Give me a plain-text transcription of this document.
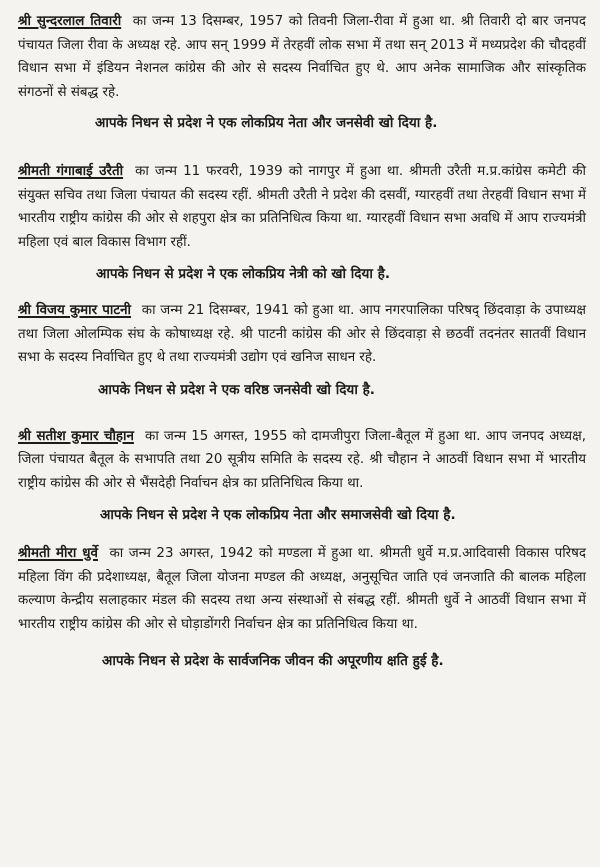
श्री सुन्दरलाल तिवारी का जन्म 13 दिसम्बर, 1957 को तिवनी जिला-रीवा में हुआ था. श्री तिवारी दो बार जनपद पंचायत जिला रीवा के अध्यक्ष रहे. आप सन् 1999 में तेरहवीं लोक सभा में तथा सन् 2013 में मध्यप्रदेश की चौदहवीं विधान सभा में इंडियन नेशनल कांग्रेस की ओर से सदस्य निर्वाचित हुए थे. आप अनेक सामाजिक और सांस्कृतिक संगठनों से संबद्ध रहे.

आपके निधन से प्रदेश ने एक लोकप्रिय नेता और जनसेवी खो दिया है.

श्रीमती गंगाबाई उरैती का जन्म 11 फरवरी, 1939 को नागपुर में हुआ था. श्रीमती उरैती म.प्र.कांग्रेस कमेटी की संयुक्त सचिव तथा जिला पंचायत की सदस्य रहीं. श्रीमती उरैती ने प्रदेश की दसवीं, ग्यारहवीं तथा तेरहवीं विधान सभा में भारतीय राष्ट्रीय कांग्रेस की ओर से शहपुरा क्षेत्र का प्रतिनिधित्व किया था. ग्यारहवीं विधान सभा अवधि में आप राज्यमंत्री महिला एवं बाल विकास विभाग रहीं.

आपके निधन से प्रदेश ने एक लोकप्रिय नेत्री को खो दिया है.

श्री विजय कुमार पाटनी का जन्म 21 दिसम्बर, 1941 को हुआ था. आप नगरपालिका परिषद् छिंदवाड़ा के उपाध्यक्ष तथा जिला ओलम्पिक संघ के कोषाध्यक्ष रहे. श्री पाटनी कांग्रेस की ओर से छिंदवाड़ा से छठवीं तदनंतर सातवीं विधान सभा के सदस्य निर्वाचित हुए थे तथा राज्यमंत्री उद्योग एवं खनिज साधन रहे.

आपके निधन से प्रदेश ने एक वरिष्ठ जनसेवी खो दिया है.

श्री सतीश कुमार चौहान का जन्म 15 अगस्त, 1955 को दामजीपुरा जिला-बैतूल में हुआ था. आप जनपद अध्यक्ष, जिला पंचायत बैतूल के सभापति तथा 20 सूत्रीय समिति के सदस्य रहे. श्री चौहान ने आठवीं विधान सभा में भारतीय राष्ट्रीय कांग्रेस की ओर से भैंसदेही निर्वाचन क्षेत्र का प्रतिनिधित्व किया था.

आपके निधन से प्रदेश ने एक लोकप्रिय नेता और समाजसेवी खो दिया है.

श्रीमती मीरा धुर्वे का जन्म 23 अगस्त, 1942 को मण्डला में हुआ था. श्रीमती धुर्वे म.प्र.आदिवासी विकास परिषद महिला विंग की प्रदेशाध्यक्ष, बैतूल जिला योजना मण्डल की अध्यक्ष, अनुसूचित जाति एवं जनजाति की बालक महिला कल्याण केन्द्रीय सलाहकार मंडल की सदस्य तथा अन्य संस्थाओं से संबद्ध रहीं. श्रीमती धुर्वे ने आठवीं विधान सभा में भारतीय राष्ट्रीय कांग्रेस की ओर से घोड़ाडोंगरी निर्वाचन क्षेत्र का प्रतिनिधित्व किया था.

आपके निधन से प्रदेश के सार्वजनिक जीवन की अपूरणीय क्षति हुई है.
